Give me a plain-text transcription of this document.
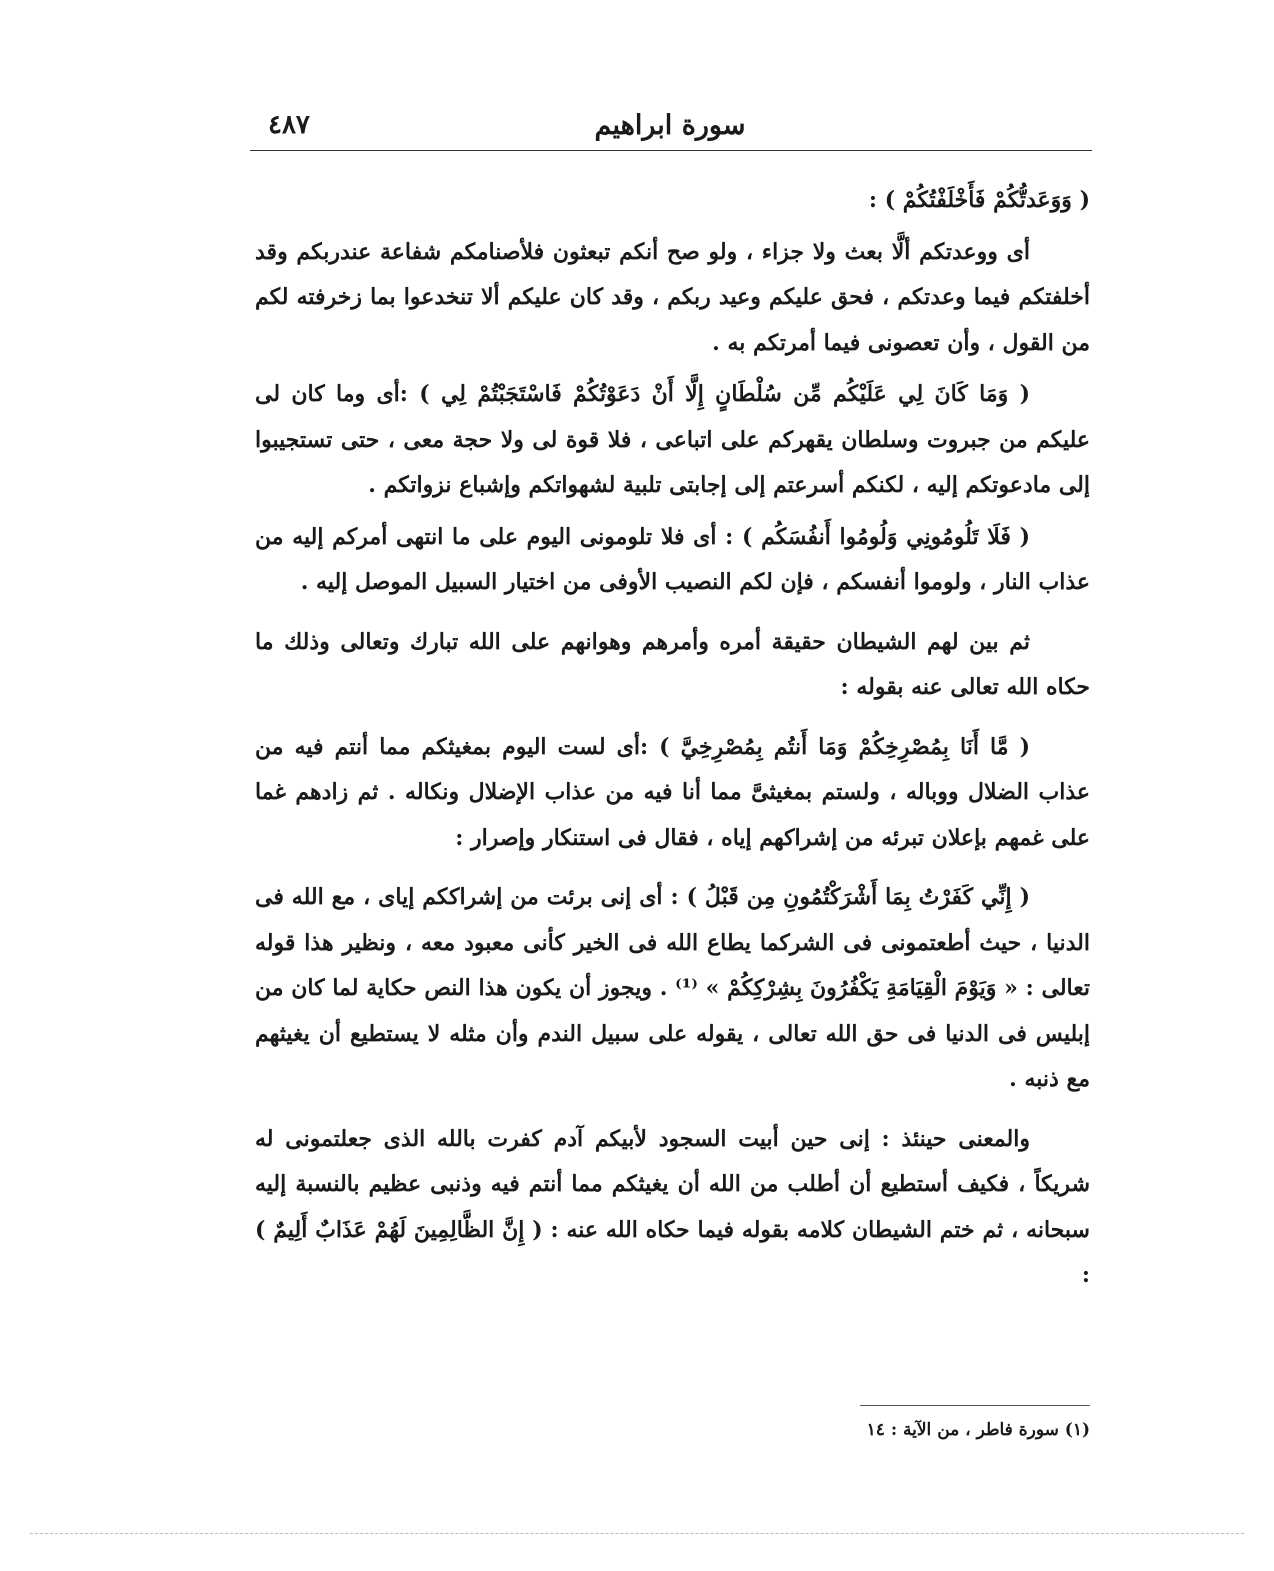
٤٨٧	سورة ابراهيم

( وَوَعَدتُّكُمْ فَأَخْلَفْتُكُمْ ) :

أى ووعدتكم ألَّا بعث ولا جزاء ، ولو صح أنكم تبعثون فلأصنامكم شفاعة عندربكم وقد أخلفتكم فيما وعدتكم ، فحق عليكم وعيد ربكم ، وقد كان عليكم ألا تنخدعوا بما زخرفته لكم من القول ، وأن تعصونى فيما أمرتكم به .

( وَمَا كَانَ لِي عَلَيْكُم مِّن سُلْطَانٍ إِلَّا أَنْ دَعَوْتُكُمْ فَاسْتَجَبْتُمْ لِي ) :أى وما كان لى عليكم من جبروت وسلطان يقهركم على اتباعى ، فلا قوة لى ولا حجة معى ، حتى تستجيبوا إلى مادعوتكم إليه ، لكنكم أسرعتم إلى إجابتى تلبية لشهواتكم وإشباع نزواتكم .

( فَلَا تَلُومُونِي وَلُومُوا أَنفُسَكُم ) : أى فلا تلومونى اليوم على ما انتهى أمركم إليه من عذاب النار ، ولوموا أنفسكم ، فإن لكم النصيب الأوفى من اختيار السبيل الموصل إليه .

ثم بين لهم الشيطان حقيقة أمره وأمرهم وهوانهم على الله تبارك وتعالى وذلك ما حكاه الله تعالى عنه بقوله :

( مَّا أَنَا بِمُصْرِخِكُمْ وَمَا أَنتُم بِمُصْرِخِيَّ ) :أى لست اليوم بمغيثكم مما أنتم فيه من عذاب الضلال ووباله ، ولستم بمغيثىَّ مما أنا فيه من عذاب الإضلال ونكاله . ثم زادهم غما على غمهم بإعلان تبرئه من إشراكهم إياه ، فقال فى استنكار وإصرار :

( إِنِّي كَفَرْتُ بِمَا أَشْرَكْتُمُونِ مِن قَبْلُ ) : أى إنى برئت من إشراككم إياى ، مع الله فى الدنيا ، حيث أطعتمونى فى الشركما يطاع الله فى الخير كأنى معبود معه ، ونظير هذا قوله تعالى : « وَيَوْمَ الْقِيَامَةِ يَكْفُرُونَ بِشِرْكِكُمْ » ⁽¹⁾ . ويجوز أن يكون هذا النص حكاية لما كان من إبليس فى الدنيا فى حق الله تعالى ، يقوله على سبيل الندم وأن مثله لا يستطيع أن يغيثهم مع ذنبه .

والمعنى حينئذ : إنى حين أبيت السجود لأبيكم آدم كفرت بالله الذى جعلتمونى له شريكاً ، فكيف أستطيع أن أطلب من الله أن يغيثكم مما أنتم فيه وذنبى عظيم بالنسبة إليه سبحانه ، ثم ختم الشيطان كلامه بقوله فيما حكاه الله عنه : ( إِنَّ الظَّالِمِينَ لَهُمْ عَذَابٌ أَلِيمٌ ) :

(١) سورة فاطر ، من الآية : ١٤
